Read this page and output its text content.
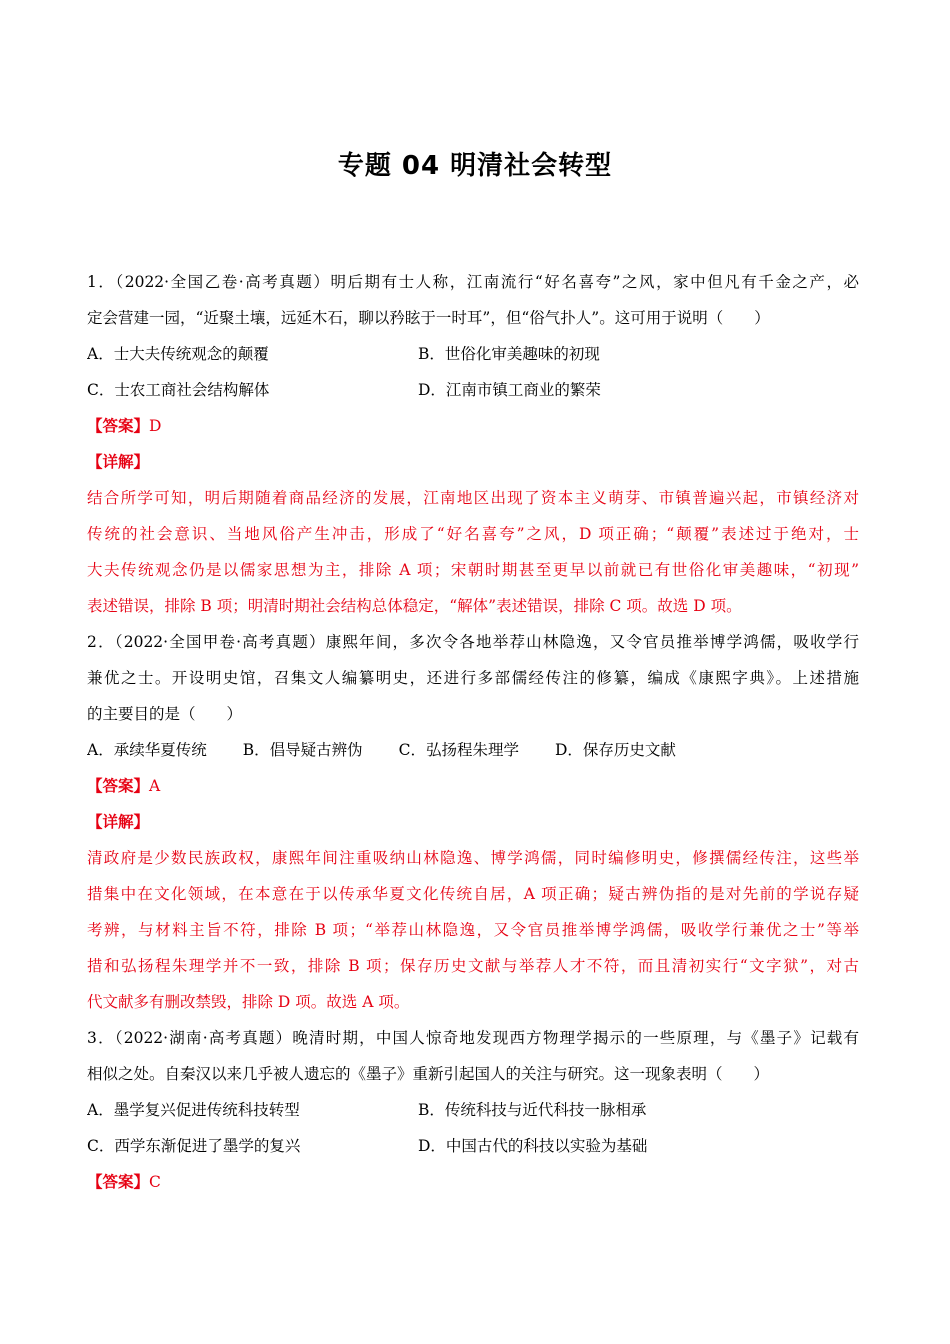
专题 04 明清社会转型
1．（2022·全国乙卷·高考真题）明后期有士人称，江南流行“好名喜夸”之风，家中但凡有千金之产，必
定会营建一园，“近聚土壤，远延木石，聊以矜眩于一时耳”，但“俗气扑人”。这可用于说明（　　）
A．士大夫传统观念的颠覆	B．世俗化审美趣味的初现
C．士农工商社会结构解体	D．江南市镇工商业的繁荣
【答案】D
【详解】
结合所学可知，明后期随着商品经济的发展，江南地区出现了资本主义萌芽、市镇普遍兴起，市镇经济对
传统的社会意识、当地风俗产生冲击，形成了“好名喜夸”之风，D 项正确；“颠覆”表述过于绝对，士
大夫传统观念仍是以儒家思想为主，排除 A 项；宋朝时期甚至更早以前就已有世俗化审美趣味，“初现”
表述错误，排除 B 项；明清时期社会结构总体稳定，“解体”表述错误，排除 C 项。故选 D 项。
2．（2022·全国甲卷·高考真题）康熙年间，多次令各地举荐山林隐逸，又令官员推举博学鸿儒，吸收学行
兼优之士。开设明史馆，召集文人编纂明史，还进行多部儒经传注的修纂，编成《康熙字典》。上述措施
的主要目的是（　　）
A．承续华夏传统 B．倡导疑古辨伪 C．弘扬程朱理学 D．保存历史文献
【答案】A
【详解】
清政府是少数民族政权，康熙年间注重吸纳山林隐逸、博学鸿儒，同时编修明史，修撰儒经传注，这些举
措集中在文化领域，在本意在于以传承华夏文化传统自居，A 项正确；疑古辨伪指的是对先前的学说存疑
考辨，与材料主旨不符，排除 B 项；“举荐山林隐逸，又令官员推举博学鸿儒，吸收学行兼优之士”等举
措和弘扬程朱理学并不一致，排除 B 项；保存历史文献与举荐人才不符，而且清初实行“文字狱”，对古
代文献多有删改禁毁，排除 D 项。故选 A 项。
3．（2022·湖南·高考真题）晚清时期，中国人惊奇地发现西方物理学揭示的一些原理，与《墨子》记载有
相似之处。自秦汉以来几乎被人遗忘的《墨子》重新引起国人的关注与研究。这一现象表明（　　）
A．墨学复兴促进传统科技转型	B．传统科技与近代科技一脉相承
C．西学东渐促进了墨学的复兴	D．中国古代的科技以实验为基础
【答案】C
